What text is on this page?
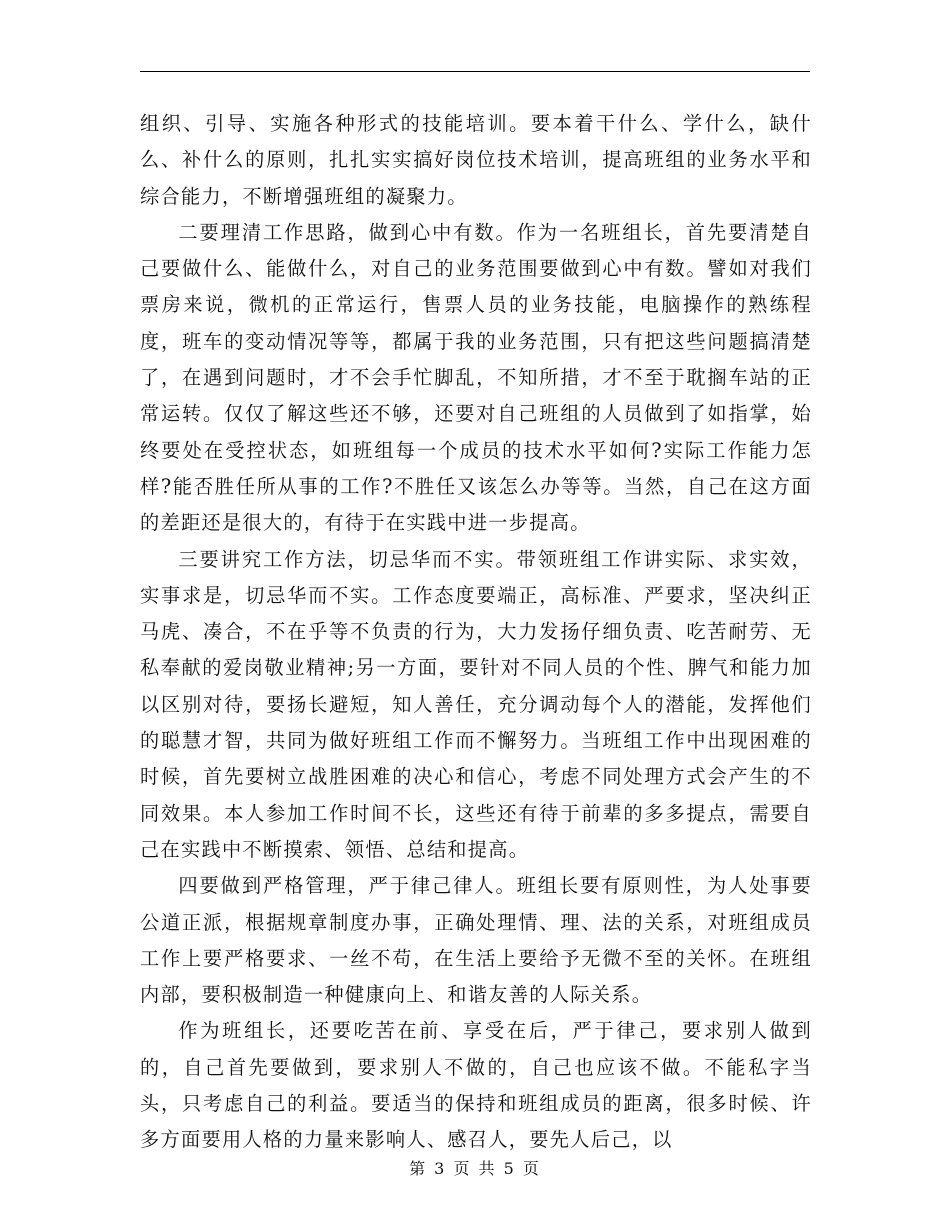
组织、引导、实施各种形式的技能培训。要本着干什么、学什么，缺什么、补什么的原则，扎扎实实搞好岗位技术培训，提高班组的业务水平和综合能力，不断增强班组的凝聚力。

二要理清工作思路，做到心中有数。作为一名班组长，首先要清楚自己要做什么、能做什么，对自己的业务范围要做到心中有数。譬如对我们票房来说，微机的正常运行，售票人员的业务技能，电脑操作的熟练程度，班车的变动情况等等，都属于我的业务范围，只有把这些问题搞清楚了，在遇到问题时，才不会手忙脚乱，不知所措，才不至于耽搁车站的正常运转。仅仅了解这些还不够，还要对自己班组的人员做到了如指掌，始终要处在受控状态，如班组每一个成员的技术水平如何?实际工作能力怎样?能否胜任所从事的工作?不胜任又该怎么办等等。当然，自己在这方面的差距还是很大的，有待于在实践中进一步提高。

三要讲究工作方法，切忌华而不实。带领班组工作讲实际、求实效，实事求是，切忌华而不实。工作态度要端正，高标准、严要求，坚决纠正马虎、凑合，不在乎等不负责的行为，大力发扬仔细负责、吃苦耐劳、无私奉献的爱岗敬业精神;另一方面，要针对不同人员的个性、脾气和能力加以区别对待，要扬长避短，知人善任，充分调动每个人的潜能，发挥他们的聪慧才智，共同为做好班组工作而不懈努力。当班组工作中出现困难的时候，首先要树立战胜困难的决心和信心，考虑不同处理方式会产生的不同效果。本人参加工作时间不长，这些还有待于前辈的多多提点，需要自己在实践中不断摸索、领悟、总结和提高。

四要做到严格管理，严于律己律人。班组长要有原则性，为人处事要公道正派，根据规章制度办事，正确处理情、理、法的关系，对班组成员工作上要严格要求、一丝不苟，在生活上要给予无微不至的关怀。在班组内部，要积极制造一种健康向上、和谐友善的人际关系。

作为班组长，还要吃苦在前、享受在后，严于律己，要求别人做到的，自己首先要做到，要求别人不做的，自己也应该不做。不能私字当头，只考虑自己的利益。要适当的保持和班组成员的距离，很多时候、许多方面要用人格的力量来影响人、感召人，要先人后己，以

第 3 页 共 5 页
